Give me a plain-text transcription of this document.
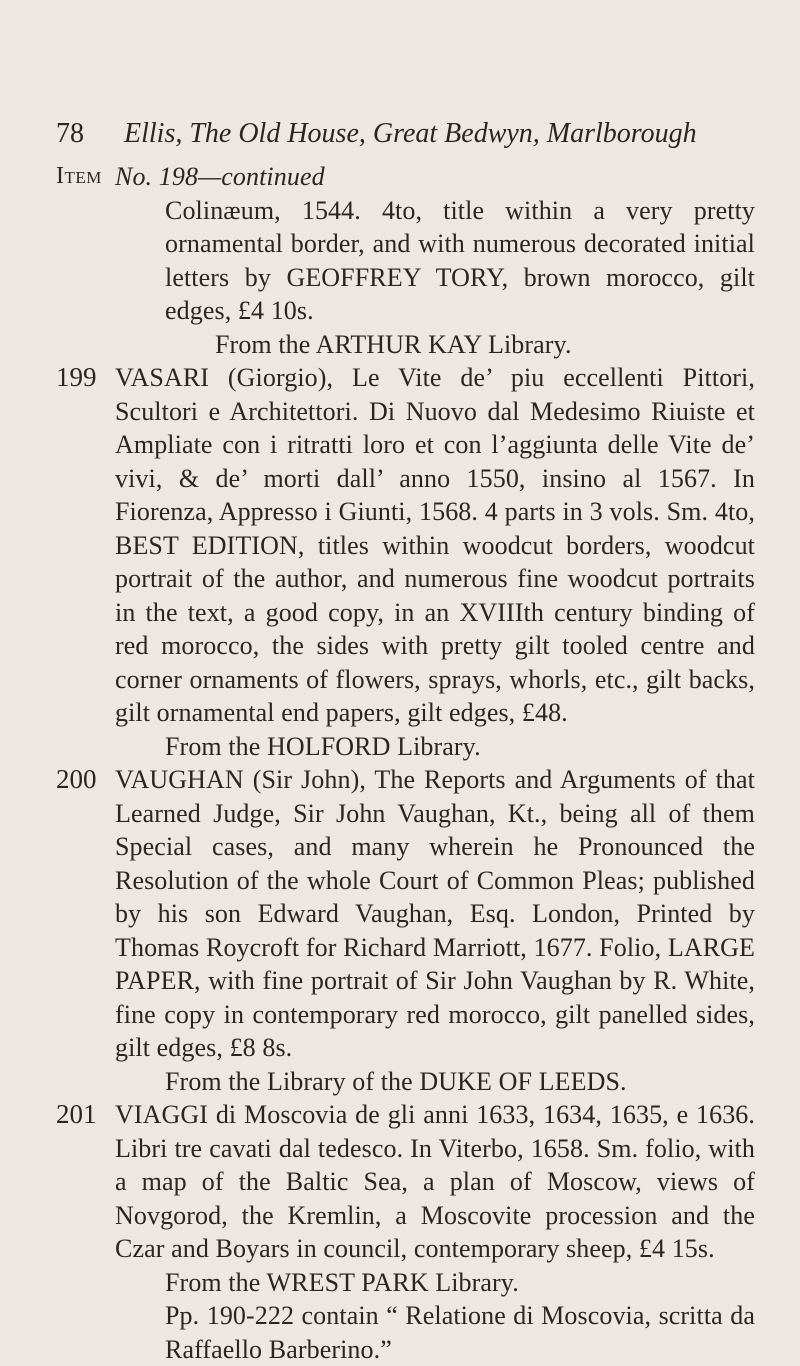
78 Ellis, The Old House, Great Bedwyn, Marlborough
Item No. 198—continued

Colinæum, 1544. 4to, title within a very pretty ornamental border, and with numerous decorated initial letters by GEOFFREY TORY, brown morocco, gilt edges, £4 10s.

From the ARTHUR KAY Library.

199 VASARI (Giorgio), Le Vite de’ piu eccellenti Pittori, Scultori e Architettori. Di Nuovo dal Medesimo Riuiste et Ampliate con i ritratti loro et con l’aggiunta delle Vite de’ vivi, & de’ morti dall’ anno 1550, insino al 1567. In Fiorenza, Appresso i Giunti, 1568. 4 parts in 3 vols. Sm. 4to, BEST EDITION, titles within woodcut borders, woodcut portrait of the author, and numerous fine woodcut portraits in the text, a good copy, in an XVIIIth century binding of red morocco, the sides with pretty gilt tooled centre and corner ornaments of flowers, sprays, whorls, etc., gilt backs, gilt ornamental end papers, gilt edges, £48.

From the HOLFORD Library.

200 VAUGHAN (Sir John), The Reports and Arguments of that Learned Judge, Sir John Vaughan, Kt., being all of them Special cases, and many wherein he Pronounced the Resolution of the whole Court of Common Pleas; published by his son Edward Vaughan, Esq. London, Printed by Thomas Roycroft for Richard Marriott, 1677. Folio, LARGE PAPER, with fine portrait of Sir John Vaughan by R. White, fine copy in contemporary red morocco, gilt panelled sides, gilt edges, £8 8s.

From the Library of the DUKE OF LEEDS.

201 VIAGGI di Moscovia de gli anni 1633, 1634, 1635, e 1636. Libri tre cavati dal tedesco. In Viterbo, 1658. Sm. folio, with a map of the Baltic Sea, a plan of Moscow, views of Novgorod, the Kremlin, a Moscovite procession and the Czar and Boyars in council, contemporary sheep, £4 15s.

From the WREST PARK Library.

Pp. 190-222 contain “ Relatione di Moscovia, scritta da Raffaello Barberino.”
